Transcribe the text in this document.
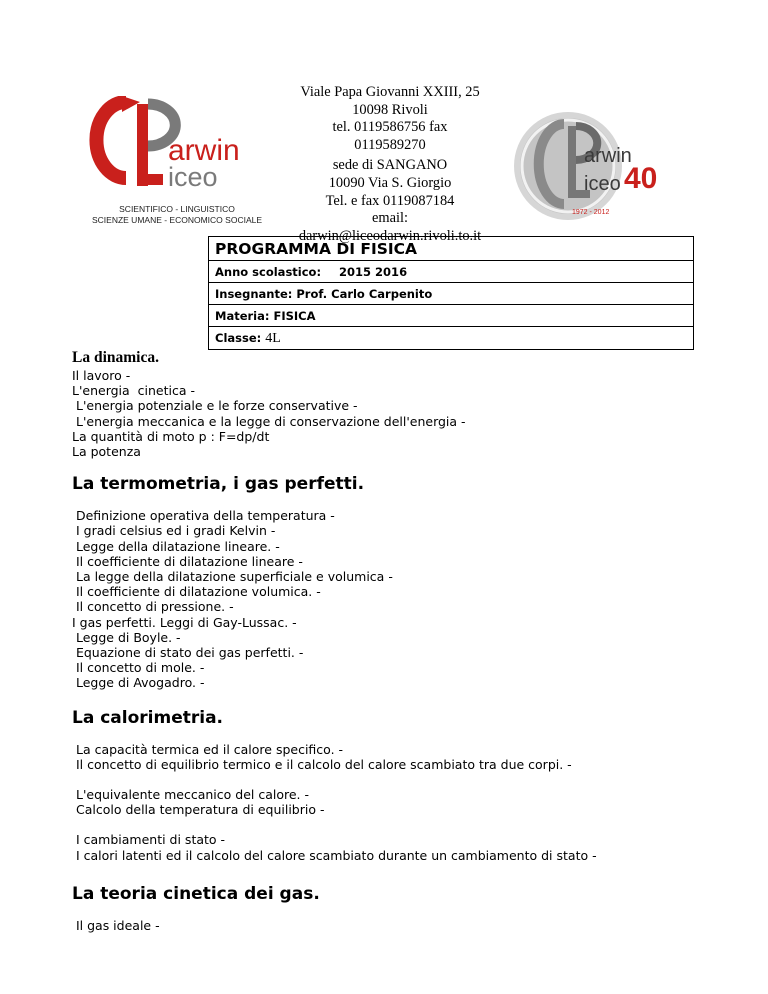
arwin
iceo
SCIENTIFICO - LINGUISTICO
SCIENZE UMANE - ECONOMICO SOCIALE
Viale Papa Giovanni XXIII, 25
10098 Rivoli
tel. 0119586756 fax
0119589270
sede di SANGANO
10090 Via S. Giorgio
Tel. e fax 0119087184
email:
darwin@liceodarwin.rivoli.to.it
arwin
iceo 40
1972 - 2012
PROGRAMMA DI FISICA
Anno scolastico: 2015 2016
Insegnante: Prof. Carlo Carpenito
Materia: FISICA
Classe: 4L
La dinamica.
Il lavoro -
L'energia  cinetica -
L'energia potenziale e le forze conservative -
L'energia meccanica e la legge di conservazione dell'energia -
La quantità di moto p : F=dp/dt
La potenza
La termometria, i gas perfetti.
Definizione operativa della temperatura -
I gradi celsius ed i gradi Kelvin -
Legge della dilatazione lineare. -
Il coefficiente di dilatazione lineare -
La legge della dilatazione superficiale e volumica -
Il coefficiente di dilatazione volumica. -
Il concetto di pressione. -
I gas perfetti. Leggi di Gay-Lussac. -
Legge di Boyle. -
Equazione di stato dei gas perfetti. -
Il concetto di mole. -
Legge di Avogadro. -
La calorimetria.
La capacità termica ed il calore specifico. -
Il concetto di equilibrio termico e il calcolo del calore scambiato tra due corpi. -
L'equivalente meccanico del calore. -
Calcolo della temperatura di equilibrio -
I cambiamenti di stato -
I calori latenti ed il calcolo del calore scambiato durante un cambiamento di stato -
La teoria cinetica dei gas.
Il gas ideale -
